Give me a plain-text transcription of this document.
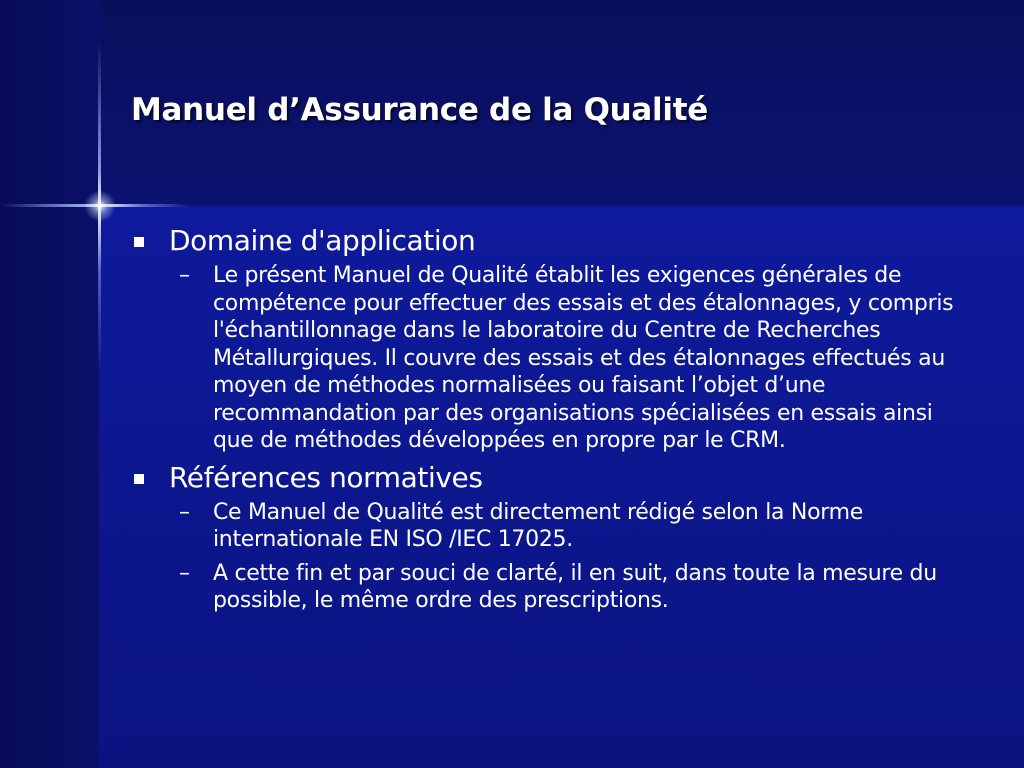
Manuel d’Assurance de la Qualité
Domaine d'application
– Le présent Manuel de Qualité établit les exigences générales de compétence pour effectuer des essais et des étalonnages, y compris l'échantillonnage dans le laboratoire du Centre de Recherches Métallurgiques. Il couvre des essais et des étalonnages effectués au moyen de méthodes normalisées ou faisant l’objet d’une recommandation par des organisations spécialisées en essais ainsi que de méthodes développées en propre par le CRM.
Références normatives
– Ce Manuel de Qualité est directement rédigé selon la Norme internationale EN ISO /IEC 17025.
– A cette fin et par souci de clarté, il en suit, dans toute la mesure du possible, le même ordre des prescriptions.
